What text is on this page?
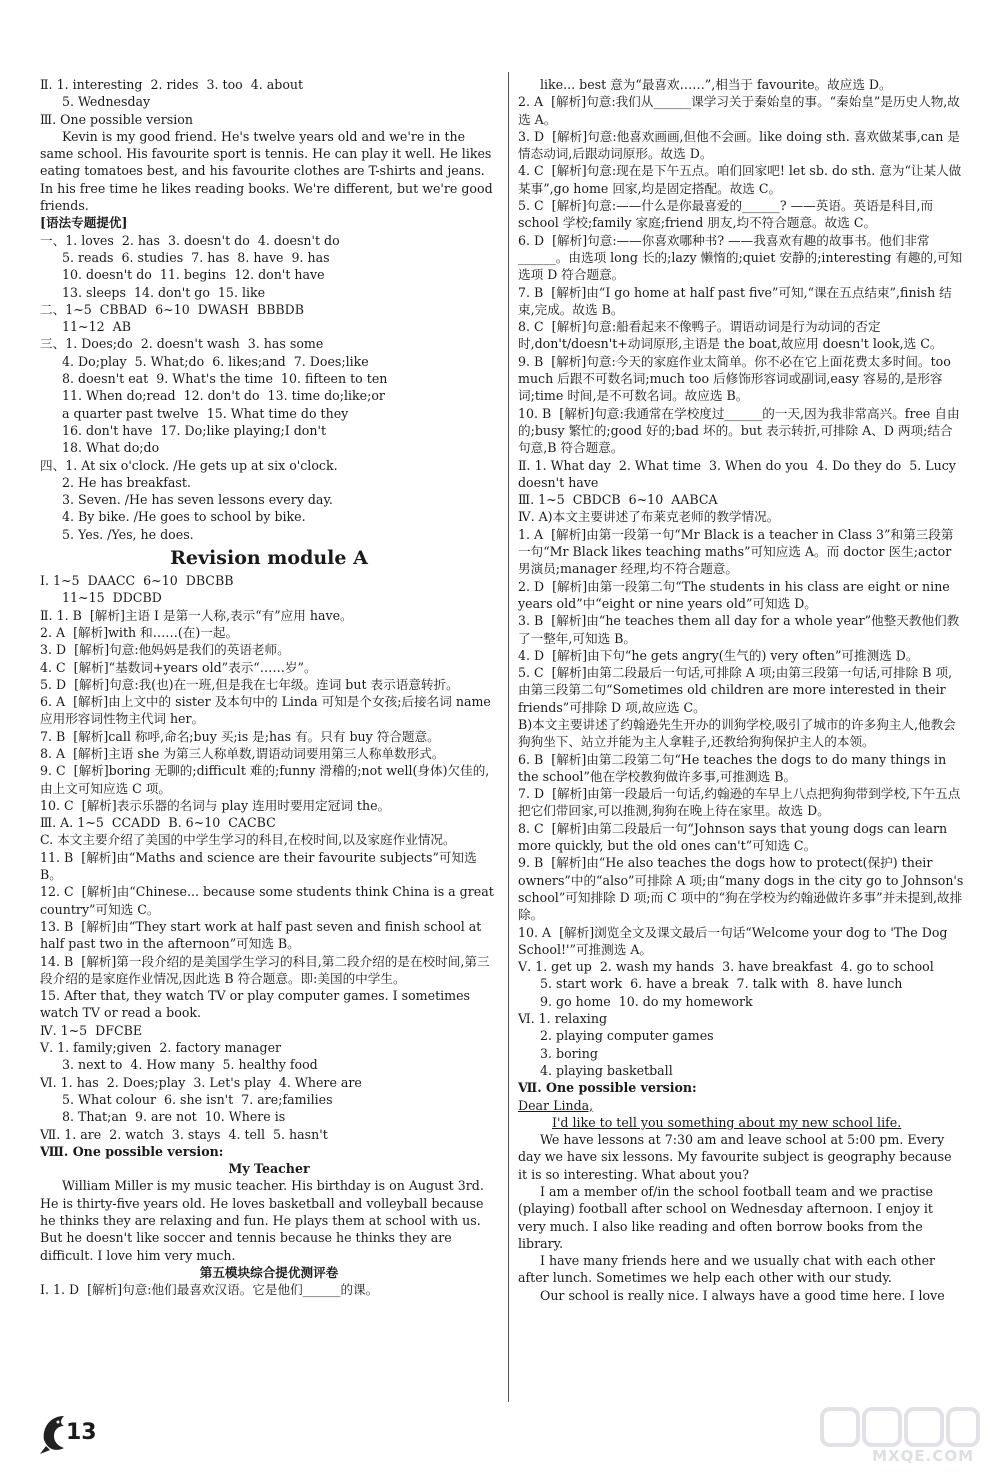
Ⅱ. 1. interesting  2. rides  3. too  4. about
5. Wednesday
Ⅲ. One possible version
Kevin is my good friend. He's twelve years old and we're in the same school. His favourite sport is tennis. He can play it well. He likes eating tomatoes best, and his favourite clothes are T-shirts and jeans. In his free time he likes reading books. We're different, but we're good friends.
[语法专题提优]
一、1. loves  2. has  3. doesn't do  4. doesn't do
5. reads  6. studies  7. has  8. have  9. has
10. doesn't do  11. begins  12. don't have
13. sleeps  14. don't go  15. like
二、1~5  CBBAD  6~10  DWASH  BBBDB
11~12  AB
三、1. Does;do  2. doesn't wash  3. has some
4. Do;play  5. What;do  6. likes;and  7. Does;like
8. doesn't eat  9. What's the time  10. fifteen to ten
11. When do;read  12. don't do  13. time do;like;or
a quarter past twelve  15. What time do they
16. don't have  17. Do;like playing;I don't
18. What do;do
四、1. At six o'clock. /He gets up at six o'clock.
2. He has breakfast.
3. Seven. /He has seven lessons every day.
4. By bike. /He goes to school by bike.
5. Yes. /Yes, he does.
Revision module A
Ⅰ. 1~5  DAACC  6~10  DBCBB
11~15  DDCBD
Ⅱ. 1. B  [解析]主语 I 是第一人称,表示“有”应用 have。
2. A  [解析]with 和……(在)一起。
3. D  [解析]句意:他妈妈是我们的英语老师。
4. C  [解析]“基数词+years old”表示“……岁”。
5. D  [解析]句意:我(也)在一班,但是我在七年级。连词 but 表示语意转折。
6. A  [解析]由上文中的 sister 及本句中的 Linda 可知是个女孩;后接名词 name 应用形容词性物主代词 her。
7. B  [解析]call 称呼,命名;buy 买;is 是;has 有。只有 buy 符合题意。
8. A  [解析]主语 she 为第三人称单数,谓语动词要用第三人称单数形式。
9. C  [解析]boring 无聊的;difficult 难的;funny 滑稽的;not well(身体)欠佳的,由上文可知应选 C 项。
10. C  [解析]表示乐器的名词与 play 连用时要用定冠词 the。
Ⅲ. A. 1~5  CCADD  B. 6~10  CACBC
C. 本文主要介绍了美国的中学生学习的科目,在校时间,以及家庭作业情况。
11. B  [解析]由“Maths and science are their favourite subjects”可知选 B。
12. C  [解析]由“Chinese... because some students think China is a great country”可知选 C。
13. B  [解析]由“They start work at half past seven and finish school at half past two in the afternoon”可知选 B。
14. B  [解析]第一段介绍的是美国学生学习的科目,第二段介绍的是在校时间,第三段介绍的是家庭作业情况,因此选 B 符合题意。即:美国的中学生。
15. After that, they watch TV or play computer games. I sometimes watch TV or read a book.
Ⅳ. 1~5  DFCBE
Ⅴ. 1. family;given  2. factory manager
3. next to  4. How many  5. healthy food
Ⅵ. 1. has  2. Does;play  3. Let's play  4. Where are
5. What colour  6. she isn't  7. are;families
8. That;an  9. are not  10. Where is
Ⅶ. 1. are  2. watch  3. stays  4. tell  5. hasn't
Ⅷ. One possible version:
My Teacher
William Miller is my music teacher. His birthday is on August 3rd. He is thirty-five years old. He loves basketball and volleyball because he thinks they are relaxing and fun. He plays them at school with us. But he doesn't like soccer and tennis because he thinks they are difficult. I love him very much.
第五模块综合提优测评卷
Ⅰ. 1. D  [解析]句意:他们最喜欢汉语。它是他们______的课。
like... best 意为“最喜欢……”,相当于 favourite。故应选 D。
2. A  [解析]句意:我们从______课学习关于秦始皇的事。“秦始皇”是历史人物,故选 A。
3. D  [解析]句意:他喜欢画画,但他不会画。like doing sth. 喜欢做某事,can 是情态动词,后跟动词原形。故选 D。
4. C  [解析]句意:现在是下午五点。咱们回家吧! let sb. do sth. 意为“让某人做某事”,go home 回家,均是固定搭配。故选 C。
5. C  [解析]句意:——什么是你最喜爱的______? ——英语。英语是科目,而 school 学校;family 家庭;friend 朋友,均不符合题意。故选 C。
6. D  [解析]句意:——你喜欢哪种书? ——我喜欢有趣的故事书。他们非常______。由选项 long 长的;lazy 懒惰的;quiet 安静的;interesting 有趣的,可知选项 D 符合题意。
7. B  [解析]由“I go home at half past five”可知,“课在五点结束”,finish 结束,完成。故选 B。
8. C  [解析]句意:船看起来不像鸭子。谓语动词是行为动词的否定时,don't/doesn't+动词原形,主语是 the boat,故应用 doesn't look,选 C。
9. B  [解析]句意:今天的家庭作业太简单。你不必在它上面花费太多时间。too much 后跟不可数名词;much too 后修饰形容词或副词,easy 容易的,是形容词;time 时间,是不可数名词。故应选 B。
10. B  [解析]句意:我通常在学校度过______的一天,因为我非常高兴。free 自由的;busy 繁忙的;good 好的;bad 坏的。but 表示转折,可排除 A、D 两项;结合句意,B 符合题意。
Ⅱ. 1. What day  2. What time  3. When do you  4. Do they do  5. Lucy doesn't have
Ⅲ. 1~5  CBDCB  6~10  AABCA
Ⅳ. A)本文主要讲述了布莱克老师的教学情况。
1. A  [解析]由第一段第一句“Mr Black is a teacher in Class 3”和第三段第一句“Mr Black likes teaching maths”可知应选 A。而 doctor 医生;actor 男演员;manager 经理,均不符合题意。
2. D  [解析]由第一段第二句“The students in his class are eight or nine years old”中“eight or nine years old”可知选 D。
3. B  [解析]由“he teaches them all day for a whole year”他整天教他们教了一整年,可知选 B。
4. D  [解析]由下句“he gets angry(生气的) very often”可推测选 D。
5. C  [解析]由第二段最后一句话,可排除 A 项;由第三段第一句话,可排除 B 项,由第三段第二句“Sometimes old children are more interested in their friends”可排除 D 项,故应选 C。
B)本文主要讲述了约翰逊先生开办的训狗学校,吸引了城市的许多狗主人,他教会狗狗坐下、站立并能为主人拿鞋子,还教给狗狗保护主人的本领。
6. B  [解析]由第二段第二句“He teaches the dogs to do many things in the school”他在学校教狗做许多事,可推测选 B。
7. D  [解析]由第一段最后一句话,约翰逊的车早上八点把狗狗带到学校,下午五点把它们带回家,可以推测,狗狗在晚上待在家里。故选 D。
8. C  [解析]由第二段最后一句“Johnson says that young dogs can learn more quickly, but the old ones can't”可知选 C。
9. B  [解析]由“He also teaches the dogs how to protect(保护) their owners”中的“also”可排除 A 项;由“many dogs in the city go to Johnson's school”可知排除 D 项;而 C 项中的“狗在学校为约翰逊做许多事”并未提到,故排除。
10. A  [解析]浏览全文及课文最后一句话“Welcome your dog to 'The Dog School!'”可推测选 A。
Ⅴ. 1. get up  2. wash my hands  3. have breakfast  4. go to school
5. start work  6. have a break  7. talk with  8. have lunch
9. go home  10. do my homework
Ⅵ. 1. relaxing
2. playing computer games
3. boring
4. playing basketball
Ⅶ. One possible version:
Dear Linda,
I'd like to tell you something about my new school life.
We have lessons at 7:30 am and leave school at 5:00 pm. Every day we have six lessons. My favourite subject is geography because it is so interesting. What about you?
I am a member of/in the school football team and we practise (playing) football after school on Wednesday afternoon. I enjoy it very much. I also like reading and often borrow books from the library.
I have many friends here and we usually chat with each other after lunch. Sometimes we help each other with our study.
Our school is really nice. I always have a good time here. I love
13
MXQE.COM
